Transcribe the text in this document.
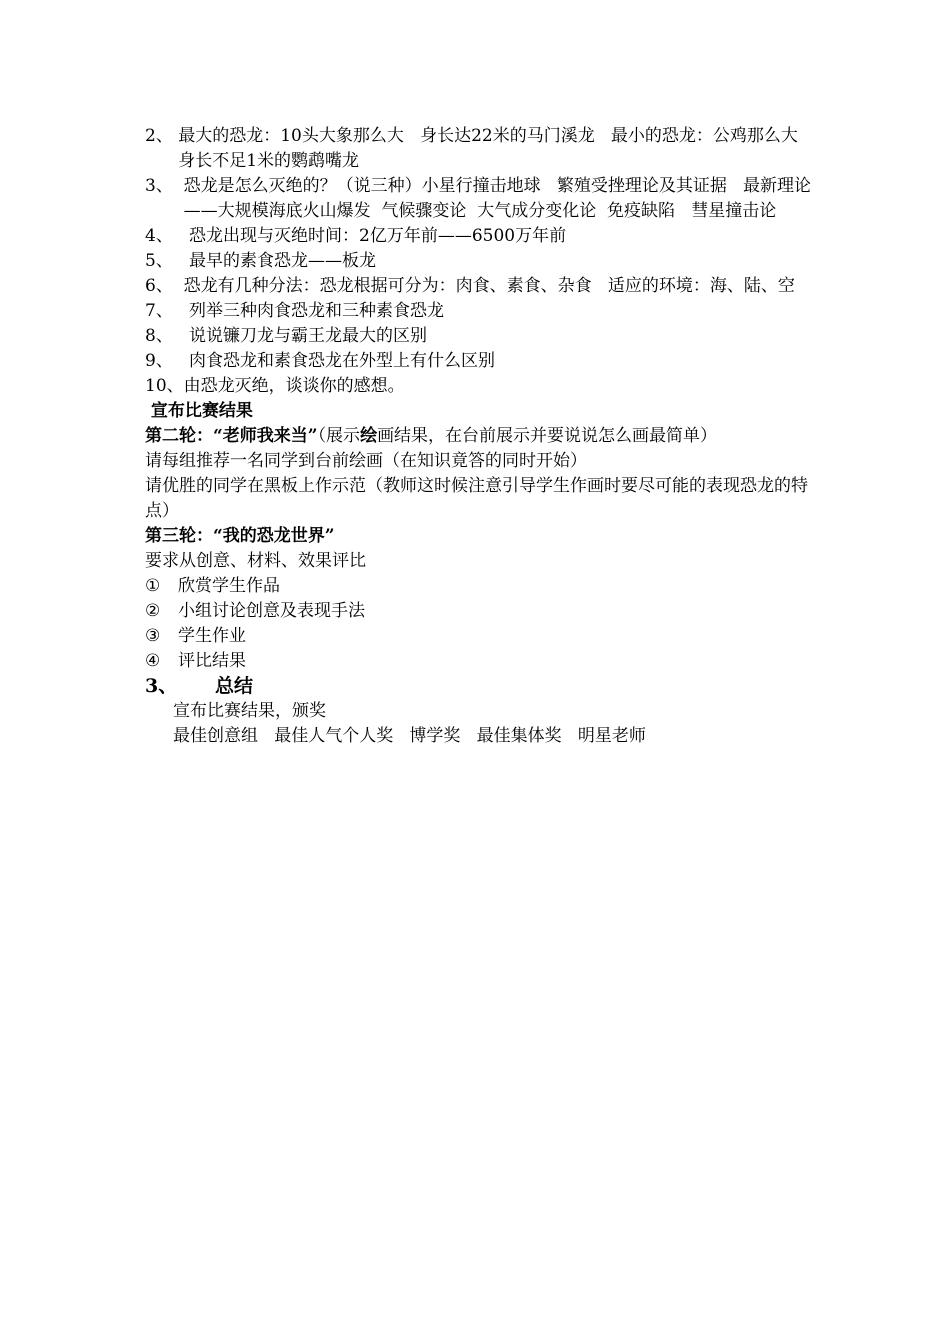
2、 最大的恐龙：10头大象那么大   身长达22米的马门溪龙   最小的恐龙：公鸡那么大   身长不足1米的鹦鹉嘴龙
3、 恐龙是怎么灭绝的？（说三种）小星行撞击地球   繁殖受挫理论及其证据   最新理论——大规模海底火山爆发  气候骤变论  大气成分变化论  免疫缺陷   彗星撞击论
4、 恐龙出现与灭绝时间：2亿万年前——6500万年前
5、 最早的素食恐龙——板龙
6、 恐龙有几种分法：恐龙根据可分为：肉食、素食、杂食   适应的环境：海、陆、空
7、 列举三种肉食恐龙和三种素食恐龙
8、 说说镰刀龙与霸王龙最大的区别
9、 肉食恐龙和素食恐龙在外型上有什么区别
10、 由恐龙灭绝，谈谈你的感想。
宣布比赛结果
第二轮：“老师我来当”（展示绘画结果，在台前展示并要说说怎么画最简单）
请每组推荐一名同学到台前绘画（在知识竟答的同时开始）
请优胜的同学在黑板上作示范（教师这时候注意引导学生作画时要尽可能的表现恐龙的特点）
第三轮：“我的恐龙世界”
要求从创意、材料、效果评比
①	欣赏学生作品
②	小组讨论创意及表现手法
③	学生作业
④	评比结果
3、	总结
宣布比赛结果，颁奖
最佳创意组   最佳人气个人奖   博学奖   最佳集体奖   明星老师
